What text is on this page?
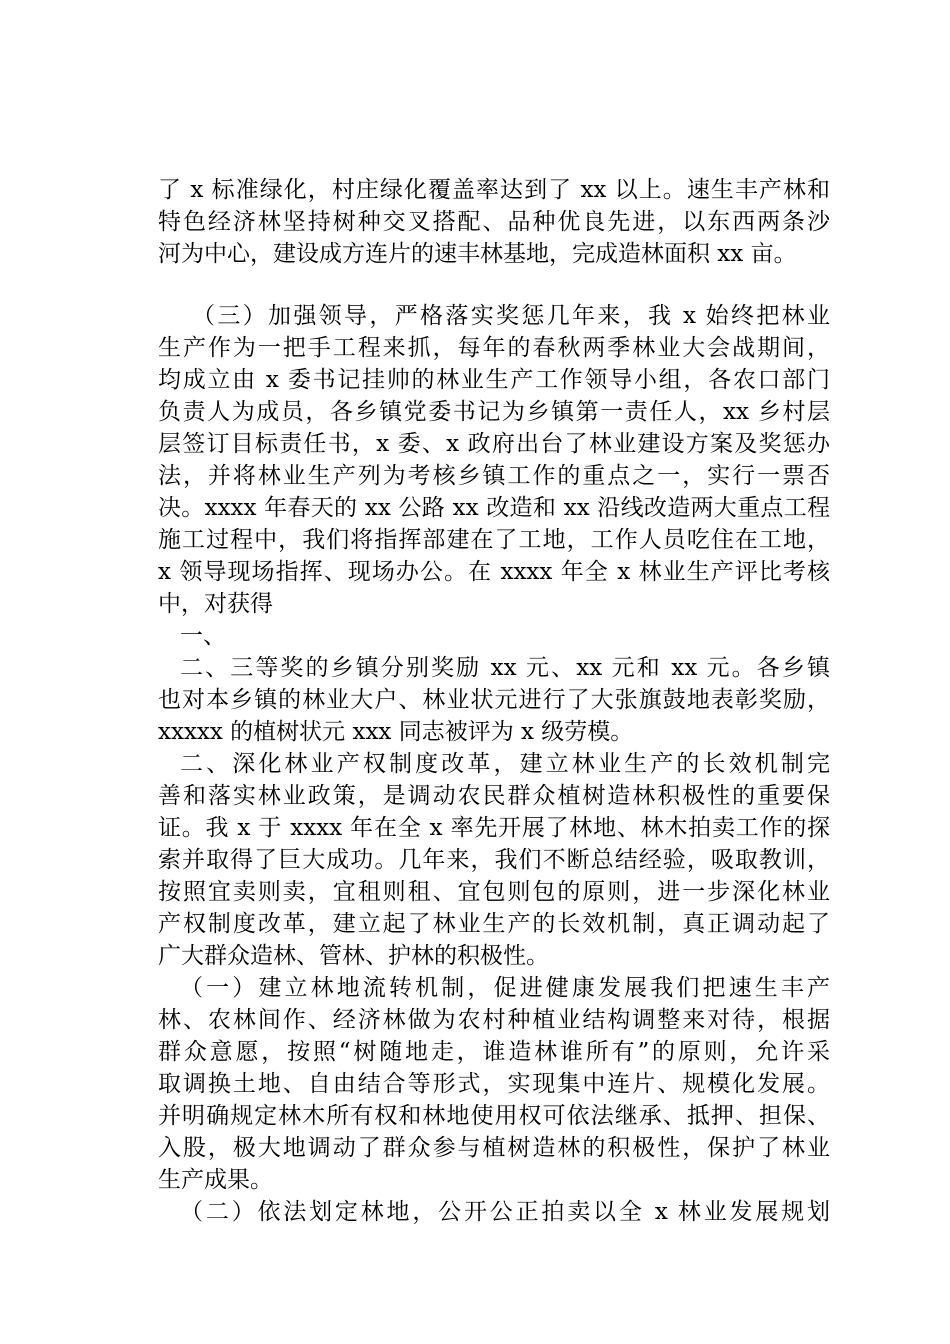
了 x 标准绿化，村庄绿化覆盖率达到了 xx 以上。速生丰产林和
特色经济林坚持树种交叉搭配、品种优良先进，以东西两条沙
河为中心，建设成方连片的速丰林基地，完成造林面积 xx 亩。
（三）加强领导，严格落实奖惩几年来，我 x 始终把林业
生产作为一把手工程来抓，每年的春秋两季林业大会战期间，
均成立由 x 委书记挂帅的林业生产工作领导小组，各农口部门
负责人为成员，各乡镇党委书记为乡镇第一责任人，xx 乡村层
层签订目标责任书，x 委、x 政府出台了林业建设方案及奖惩办
法，并将林业生产列为考核乡镇工作的重点之一，实行一票否
决。xxxx 年春天的 xx 公路 xx 改造和 xx 沿线改造两大重点工程
施工过程中，我们将指挥部建在了工地，工作人员吃住在工地，
x 领导现场指挥、现场办公。在 xxxx 年全 x 林业生产评比考核
中，对获得
一、
二、三等奖的乡镇分别奖励 xx 元、xx 元和 xx 元。各乡镇
也对本乡镇的林业大户、林业状元进行了大张旗鼓地表彰奖励，
xxxxx 的植树状元 xxx 同志被评为 x 级劳模。
二、深化林业产权制度改革，建立林业生产的长效机制完
善和落实林业政策，是调动农民群众植树造林积极性的重要保
证。我 x 于 xxxx 年在全 x 率先开展了林地、林木拍卖工作的探
索并取得了巨大成功。几年来，我们不断总结经验，吸取教训，
按照宜卖则卖，宜租则租、宜包则包的原则，进一步深化林业
产权制度改革，建立起了林业生产的长效机制，真正调动起了
广大群众造林、管林、护林的积极性。
（一）建立林地流转机制，促进健康发展我们把速生丰产
林、农林间作、经济林做为农村种植业结构调整来对待，根据
群众意愿，按照“树随地走，谁造林谁所有”的原则，允许采
取调换土地、自由结合等形式，实现集中连片、规模化发展。
并明确规定林木所有权和林地使用权可依法继承、抵押、担保、
入股，极大地调动了群众参与植树造林的积极性，保护了林业
生产成果。
（二）依法划定林地，公开公正拍卖以全 x 林业发展规划
